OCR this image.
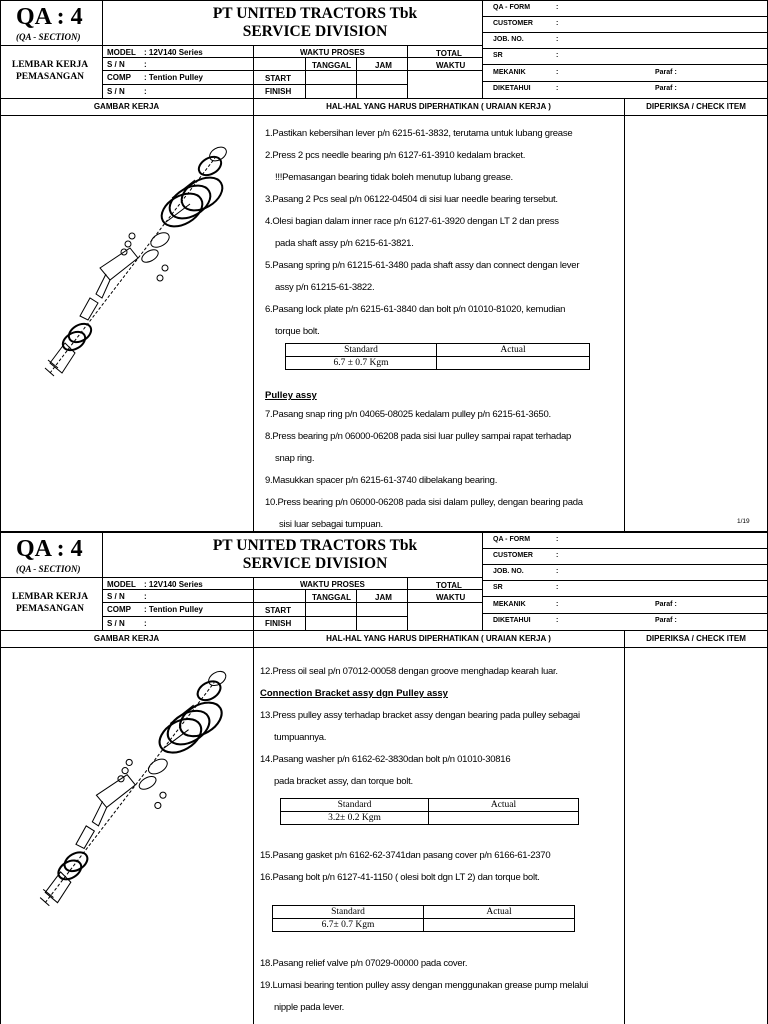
QA : 4
(QA - SECTION)
PT UNITED TRACTORS Tbk
SERVICE DIVISION
LEMBAR KERJA
PEMASANGAN
MODEL : 12V140 Series
S / N :
COMP : Tention Pulley
S / N :
WAKTU PROSES
TANGGAL	JAM
START
FINISH
TOTAL
WAKTU
QA - FORM	:
CUSTOMER	:
JOB. NO.	:
SR	:
MEKANIK	:	Paraf :
DIKETAHUI	:	Paraf :
GAMBAR KERJA	HAL-HAL YANG HARUS DIPERHATIKAN ( URAIAN KERJA )	DIPERIKSA / CHECK ITEM
1.Pastikan kebersihan lever p/n 6215-61-3832, terutama untuk lubang grease
2.Press 2 pcs needle bearing p/n 6127-61-3910 kedalam bracket.
!!!Pemasangan bearing tidak boleh menutup lubang grease.
3.Pasang 2 Pcs seal p/n 06122-04504 di sisi luar needle bearing tersebut.
4.Olesi bagian dalam inner race p/n 6127-61-3920 dengan LT 2 dan press
pada shaft assy p/n 6215-61-3821.
5.Pasang spring p/n 61215-61-3480 pada shaft assy dan connect dengan lever
assy p/n 61215-61-3822.
6.Pasang lock plate p/n 6215-61-3840 dan bolt p/n 01010-81020, kemudian
torque bolt.
Standard	Actual
6.7 ± 0.7 Kgm	
Pulley assy
7.Pasang snap ring p/n 04065-08025 kedalam pulley p/n 6215-61-3650.
8.Press bearing p/n 06000-06208 pada sisi luar pulley sampai rapat terhadap
snap ring.
9.Masukkan spacer p/n 6215-61-3740 dibelakang bearing.
10.Press bearing p/n 06000-06208 pada sisi dalam pulley, dengan bearing pada
sisi luar sebagai tumpuan.	1/19
QA : 4
(QA - SECTION)
PT UNITED TRACTORS Tbk
SERVICE DIVISION
LEMBAR KERJA
PEMASANGAN
MODEL : 12V140 Series
S / N :
COMP : Tention Pulley
S / N :
WAKTU PROSES
TANGGAL	JAM
START
FINISH
TOTAL
WAKTU
QA - FORM	:
CUSTOMER	:
JOB. NO.	:
SR	:
MEKANIK	:	Paraf :
DIKETAHUI	:	Paraf :
GAMBAR KERJA	HAL-HAL YANG HARUS DIPERHATIKAN ( URAIAN KERJA )	DIPERIKSA / CHECK ITEM
12.Press oil seal p/n 07012-00058 dengan groove menghadap kearah luar.
Connection Bracket assy dgn Pulley assy
13.Press pulley assy terhadap bracket assy dengan bearing pada pulley sebagai
tumpuannya.
14.Pasang washer p/n 6162-62-3830dan bolt p/n 01010-30816
pada bracket assy, dan torque bolt.
Standard	Actual
3.2± 0.2 Kgm	
15.Pasang gasket p/n 6162-62-3741dan pasang cover p/n 6166-61-2370
16.Pasang bolt p/n 6127-41-1150 ( olesi bolt dgn LT 2) dan torque bolt.
Standard	Actual
6.7± 0.7 Kgm	
18.Pasang relief valve p/n 07029-00000 pada cover.
19.Lumasi bearing tention pulley assy dengan menggunakan grease pump melalui
nipple pada lever.
